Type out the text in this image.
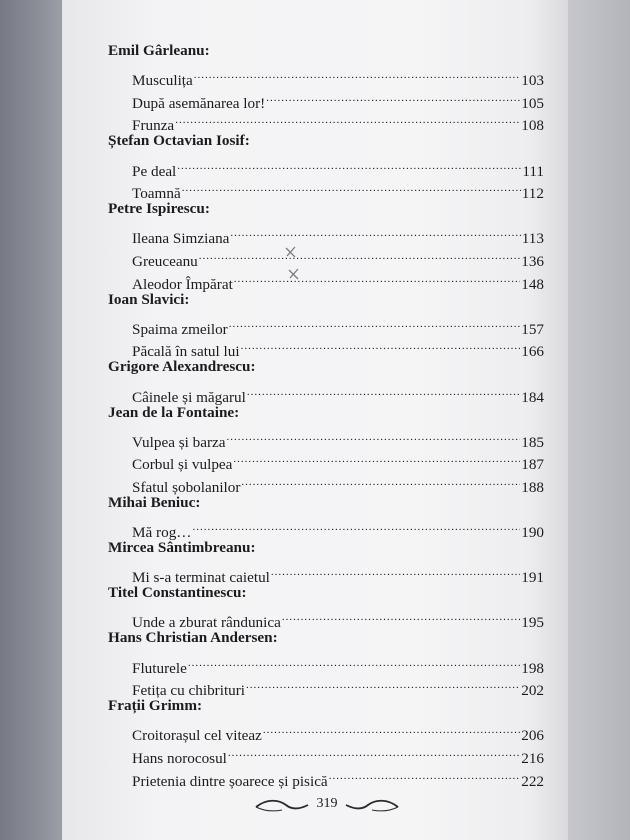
Emil Gârleanu:
Musculița .....	103
După asemănarea lor! .....	105
Frunza .....	108
Ștefan Octavian Iosif:
Pe deal .....	111
Toamnă .....	112
Petre Ispirescu:
Ileana Simziana .....	113
Greuceanu .....	136
Aleodor Împărat .....	148
Ioan Slavici:
Spaima zmeilor .....	157
Păcală în satul lui .....	166
Grigore Alexandrescu:
Câinele și măgarul .....	184
Jean de la Fontaine:
Vulpea și barza .....	185
Corbul și vulpea .....	187
Sfatul șobolanilor .....	188
Mihai Beniuc:
Mă rog… .....	190
Mircea Sântimbreanu:
Mi s-a terminat caietul .....	191
Titel Constantinescu:
Unde a zburat rândunica .....	195
Hans Christian Andersen:
Fluturele .....	198
Fetița cu chibrituri .....	202
Frații Grimm:
Croitorașul cel viteaz .....	206
Hans norocosul .....	216
Prietenia dintre șoarece și pisică .....	222
319
